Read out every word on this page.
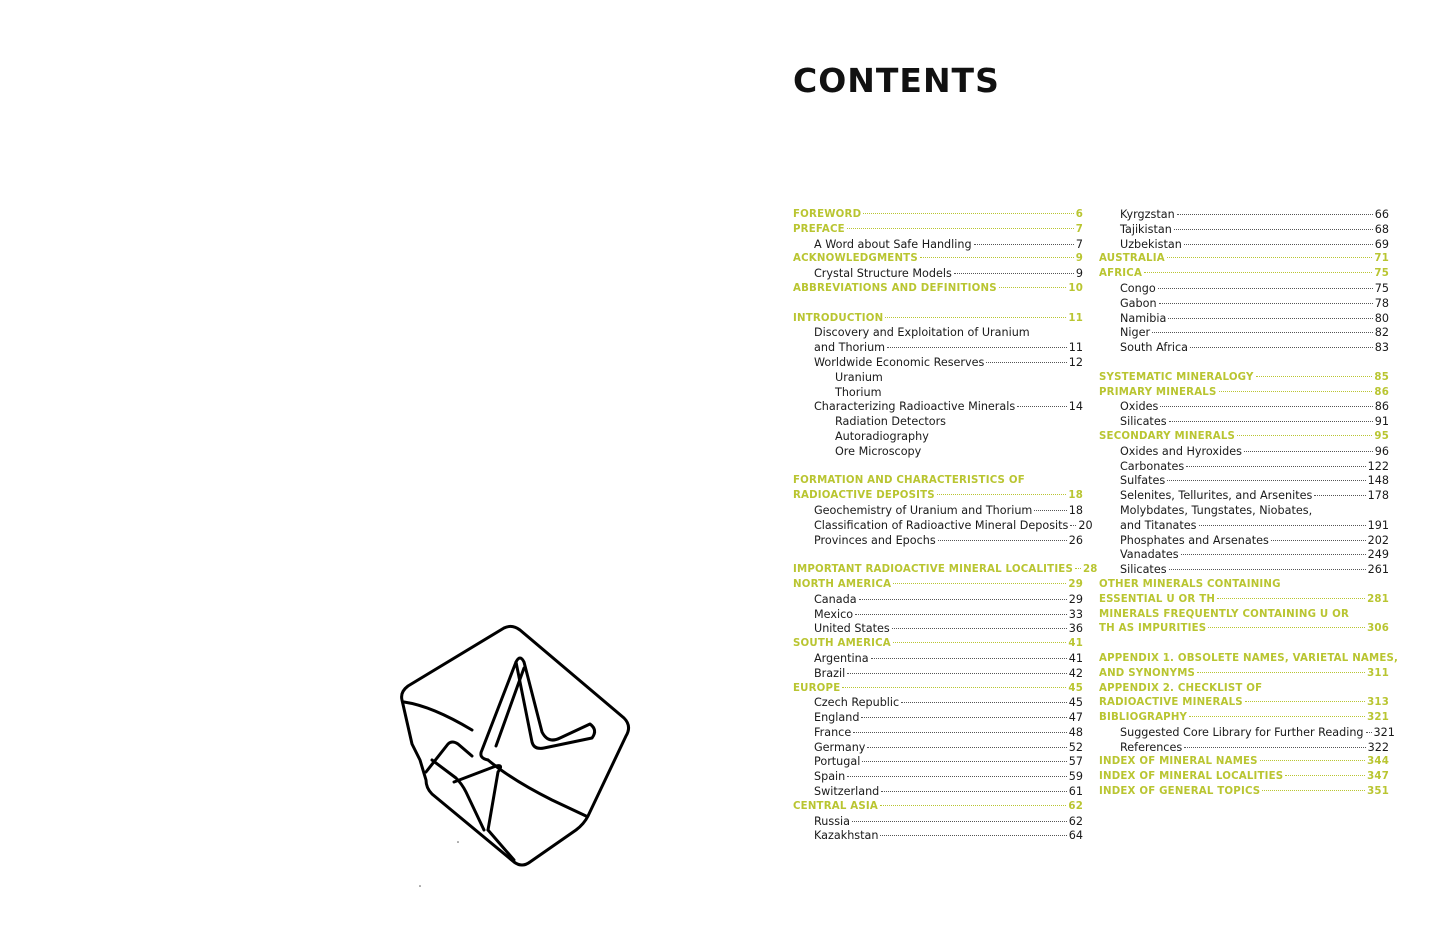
CONTENTS
FOREWORD	6
PREFACE	7
A Word about Safe Handling	7
ACKNOWLEDGMENTS	9
Crystal Structure Models	9
ABBREVIATIONS AND DEFINITIONS	10
INTRODUCTION	11
Discovery and Exploitation of Uranium
and Thorium	11
Worldwide Economic Reserves	12
Uranium
Thorium
Characterizing Radioactive Minerals	14
Radiation Detectors
Autoradiography
Ore Microscopy
FORMATION AND CHARACTERISTICS OF
RADIOACTIVE DEPOSITS	18
Geochemistry of Uranium and Thorium	18
Classification of Radioactive Mineral Deposits 20
Provinces and Epochs	26
IMPORTANT RADIOACTIVE MINERAL LOCALITIES 28
NORTH AMERICA	29
Canada	29
Mexico	33
United States	36
SOUTH AMERICA	41
Argentina	41
Brazil	42
EUROPE	45
Czech Republic	45
England	47
France	48
Germany	52
Portugal	57
Spain	59
Switzerland	61
CENTRAL ASIA	62
Russia	62
Kazakhstan	64
Kyrgzstan	66
Tajikistan	68
Uzbekistan	69
AUSTRALIA	71
AFRICA	75
Congo	75
Gabon	78
Namibia	80
Niger	82
South Africa	83
SYSTEMATIC MINERALOGY	85
PRIMARY MINERALS	86
Oxides	86
Silicates	91
SECONDARY MINERALS	95
Oxides and Hyroxides	96
Carbonates	122
Sulfates	148
Selenites, Tellurites, and Arsenites	178
Molybdates, Tungstates, Niobates,
and Titanates	191
Phosphates and Arsenates	202
Vanadates	249
Silicates	261
OTHER MINERALS CONTAINING
ESSENTIAL U OR TH	281
MINERALS FREQUENTLY CONTAINING U OR
TH AS IMPURITIES	306
APPENDIX 1. OBSOLETE NAMES, VARIETAL NAMES,
AND SYNONYMS	311
APPENDIX 2. CHECKLIST OF
RADIOACTIVE MINERALS	313
BIBLIOGRAPHY	321
Suggested Core Library for Further Reading 321
References	322
INDEX OF MINERAL NAMES	344
INDEX OF MINERAL LOCALITIES	347
INDEX OF GENERAL TOPICS	351
